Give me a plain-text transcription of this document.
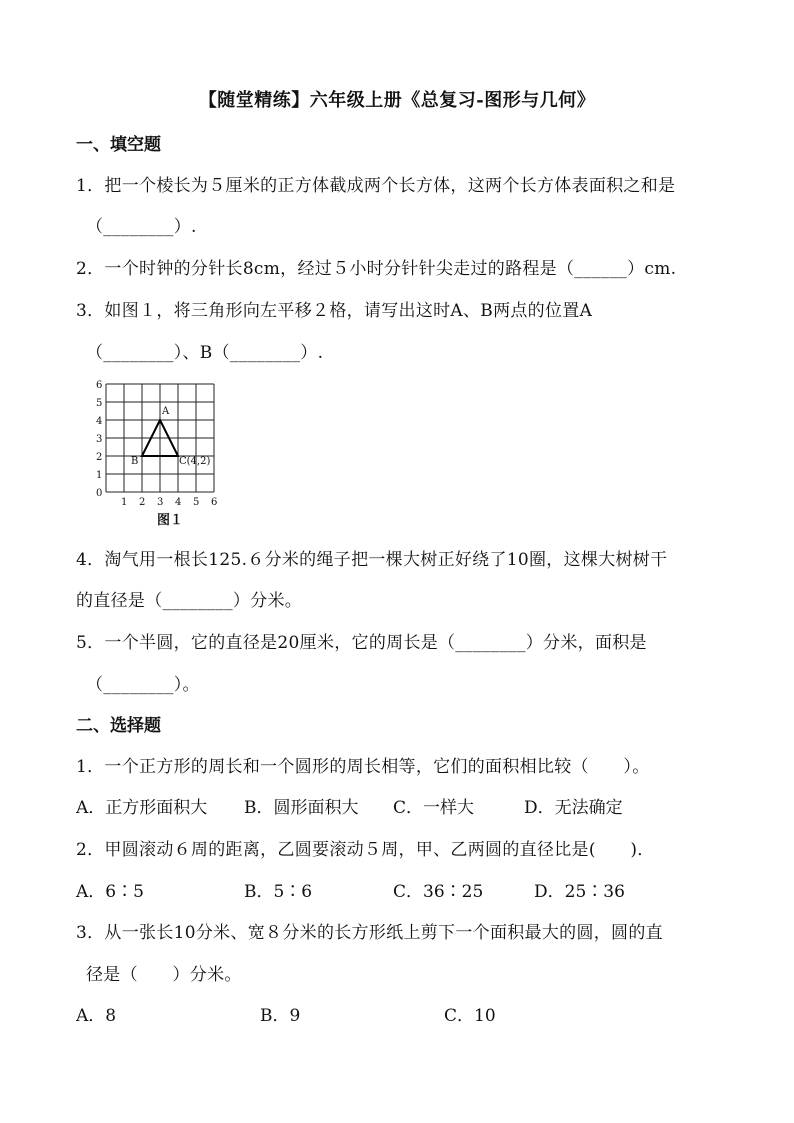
【随堂精练】六年级上册《总复习-图形与几何》
一、填空题
1．把一个棱长为５厘米的正方体截成两个长方体，这两个长方体表面积之和是
（________）.
2．一个时钟的分针长8cm，经过５小时分针针尖走过的路程是（______）cm.
3．如图１，将三角形向左平移２格，请写出这时A、B两点的位置A
（________）、B（________）.
0
1
2
3
4
5
6
1 2 3 4 5 6
A
B	C(4,2)
图１
4．淘气用一根长125.６分米的绳子把一棵大树正好绕了10圈，这棵大树树干
的直径是（________）分米。
5．一个半圆，它的直径是20厘米，它的周长是（________）分米，面积是
（________）。
二、选择题
1．一个正方形的周长和一个圆形的周长相等，它们的面积相比较（　　）。
A．正方形面积大 B．圆形面积大 C．一样大	D．无法确定
2．甲圆滚动６周的距离，乙圆要滚动５周，甲、乙两圆的直径比是(　　)．
A．6∶5	B．5∶6	C．36∶25	D．25∶36
3．从一张长10分米、宽８分米的长方形纸上剪下一个面积最大的圆，圆的直
径是（　　）分米。
A．8	B．9	C．10
